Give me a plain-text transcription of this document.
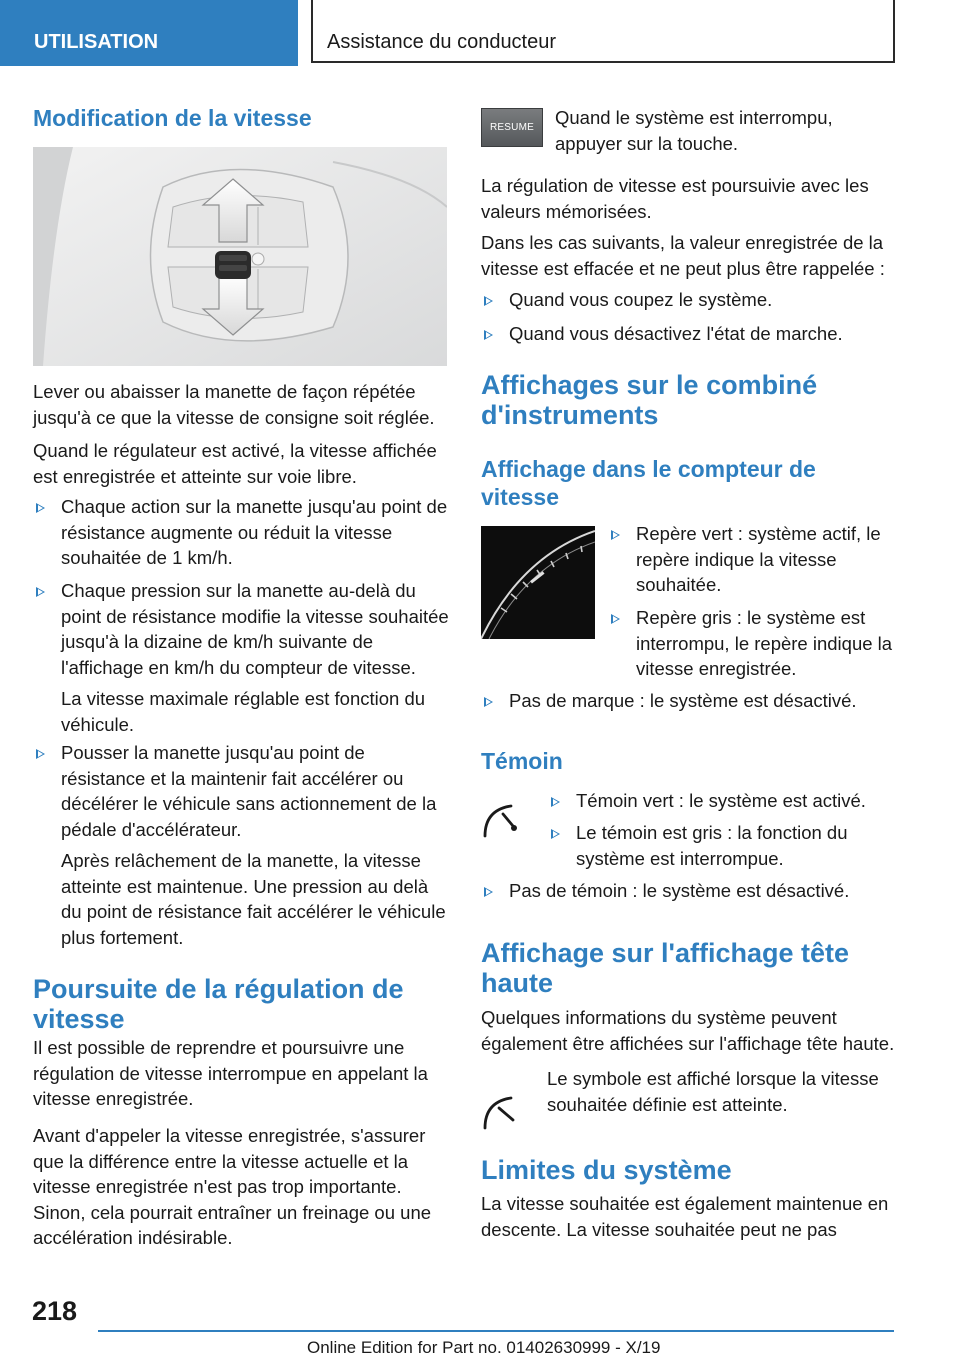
UTILISATION	Assistance du conducteur
Modification de la vitesse

Lever ou abaisser la manette de façon répétée jusqu'à ce que la vitesse de consigne soit réglée.

Quand le régulateur est activé, la vitesse affichée est enregistrée et atteinte sur voie libre.

Chaque action sur la manette jusqu'au point de résistance augmente ou réduit la vitesse souhaitée de 1 km/h.

Chaque pression sur la manette au-delà du point de résistance modifie la vitesse souhaitée jusqu'à la dizaine de km/h suivante de l'affichage en km/h du compteur de vitesse.

La vitesse maximale réglable est fonction du véhicule.

Pousser la manette jusqu'au point de résistance et la maintenir fait accélérer ou décélérer le véhicule sans actionnement de la pédale d'accélérateur.

Après relâchement de la manette, la vitesse atteinte est maintenue. Une pression au delà du point de résistance fait accélérer le véhicule plus fortement.

Poursuite de la régulation de vitesse

Il est possible de reprendre et poursuivre une régulation de vitesse interrompue en appelant la vitesse enregistrée.

Avant d'appeler la vitesse enregistrée, s'assurer que la différence entre la vitesse actuelle et la vitesse enregistrée n'est pas trop importante. Sinon, cela pourrait entraîner un freinage ou une accélération indésirable.

RESUME	Quand le système est interrompu, appuyer sur la touche.

La régulation de vitesse est poursuivie avec les valeurs mémorisées.

Dans les cas suivants, la valeur enregistrée de la vitesse est effacée et ne peut plus être rappelée :

Quand vous coupez le système.

Quand vous désactivez l'état de marche.

Affichages sur le combiné d'instruments
Affichage dans le compteur de vitesse

Repère vert : système actif, le repère indique la vitesse souhaitée.

Repère gris : le système est interrompu, le repère indique la vitesse enregistrée.

Pas de marque : le système est désactivé.

Témoin

Témoin vert : le système est activé.

Le témoin est gris : la fonction du système est interrompue.

Pas de témoin : le système est désactivé.

Affichage sur l'affichage tête haute

Quelques informations du système peuvent également être affichées sur l'affichage tête haute.

Le symbole est affiché lorsque la vitesse souhaitée définie est atteinte.

Limites du système

La vitesse souhaitée est également maintenue en descente. La vitesse souhaitée peut ne pas

218
Online Edition for Part no. 01402630999 - X/19
